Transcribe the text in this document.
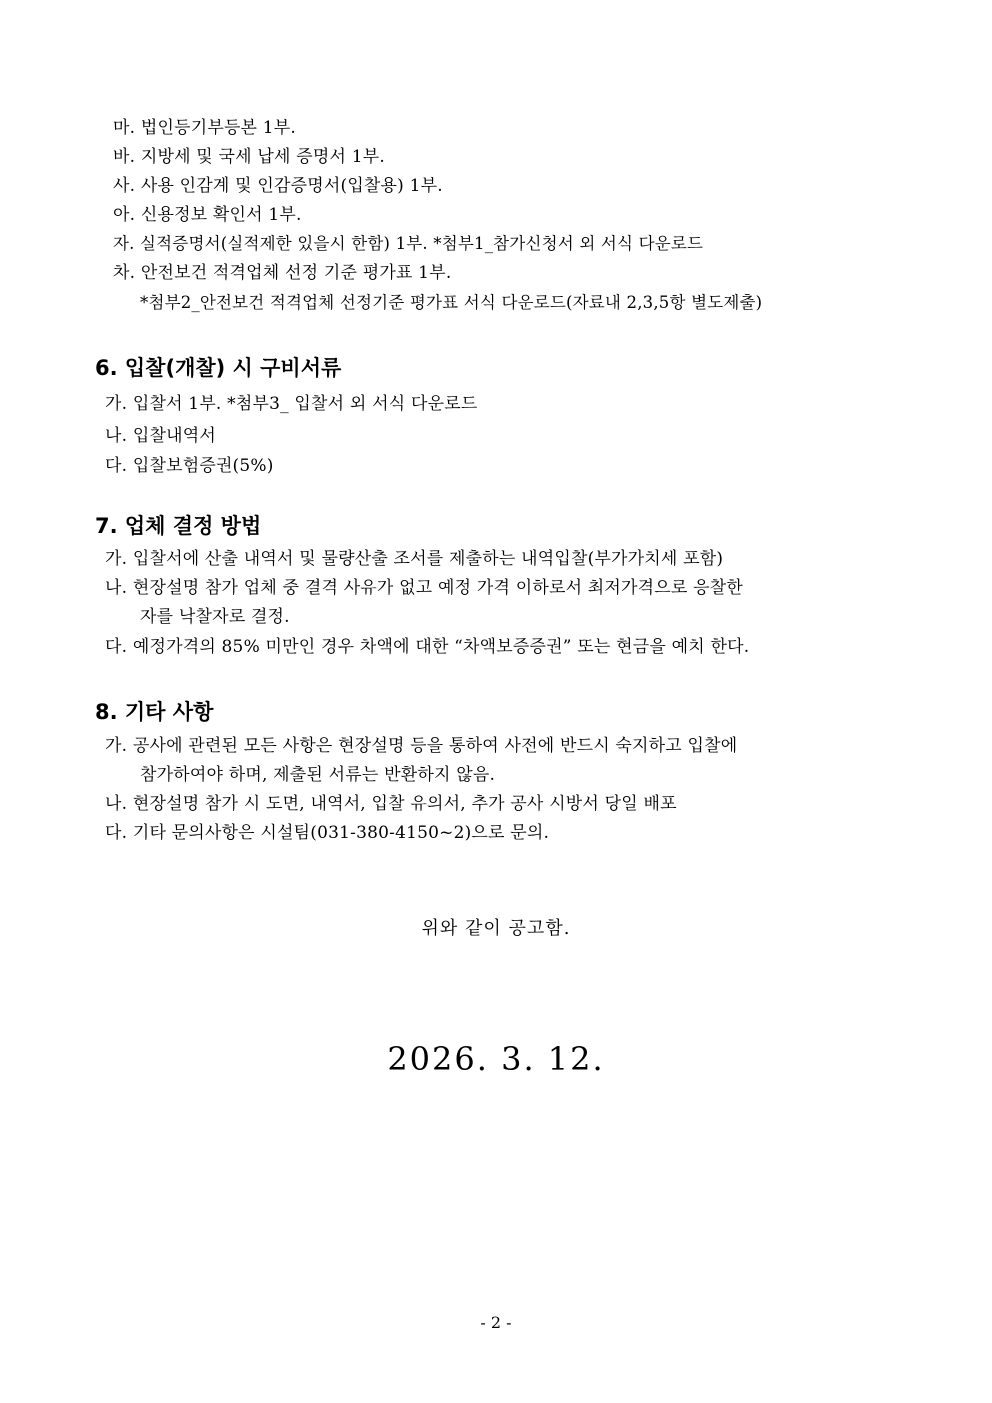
마. 법인등기부등본 1부.
바. 지방세 및 국세 납세 증명서 1부.
사. 사용 인감계 및 인감증명서(입찰용) 1부.
아. 신용정보 확인서 1부.
자. 실적증명서(실적제한 있을시 한함) 1부. *첨부1_참가신청서 외 서식 다운로드
차. 안전보건 적격업체 선정 기준 평가표 1부.
*첨부2_안전보건 적격업체 선정기준 평가표 서식 다운로드(자료내 2,3,5항 별도제출)
6. 입찰(개찰) 시 구비서류
가. 입찰서 1부. *첨부3_ 입찰서 외 서식 다운로드
나. 입찰내역서
다. 입찰보험증권(5%)
7. 업체 결정 방법
가. 입찰서에 산출 내역서 및 물량산출 조서를 제출하는 내역입찰(부가가치세 포함)
나. 현장설명 참가 업체 중 결격 사유가 없고 예정 가격 이하로서 최저가격으로 응찰한
자를 낙찰자로 결정.
다. 예정가격의 85% 미만인 경우 차액에 대한 “차액보증증권” 또는 현금을 예치 한다.
8. 기타 사항
가. 공사에 관련된 모든 사항은 현장설명 등을 통하여 사전에 반드시 숙지하고 입찰에
참가하여야 하며, 제출된 서류는 반환하지 않음.
나. 현장설명 참가 시 도면, 내역서, 입찰 유의서, 추가 공사 시방서 당일 배포
다. 기타 문의사항은 시설팀(031-380-4150~2)으로 문의.
위와 같이 공고함.
2026. 3. 12.
- 2 -
